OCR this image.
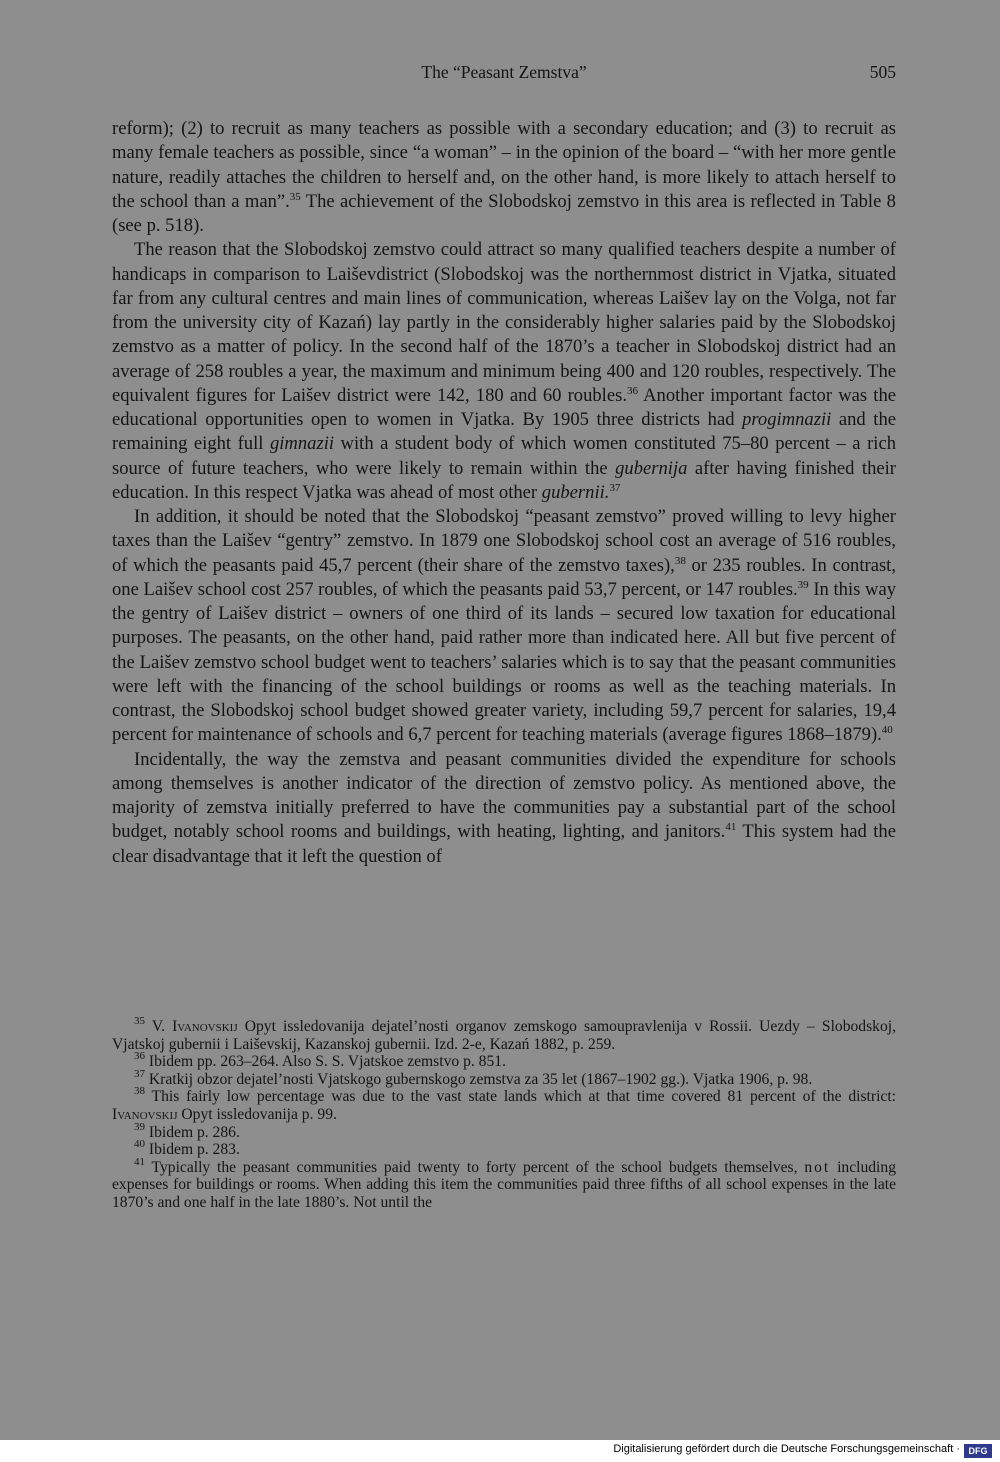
The “Peasant Zemstva”	505

reform); (2) to recruit as many teachers as possible with a secondary education; and (3) to recruit as many female teachers as possible, since “a woman” – in the opinion of the board – “with her more gentle nature, readily attaches the children to herself and, on the other hand, is more likely to attach herself to the school than a man”.$^{35}$ The achievement of the Slobodskoj zemstvo in this area is reflected in Table 8 (see p. 518).

The reason that the Slobodskoj zemstvo could attract so many qualified teachers despite a number of handicaps in comparison to Laiševdistrict (Slobodskoj was the northernmost district in Vjatka, situated far from any cultural centres and main lines of communication, whereas Laišev lay on the Volga, not far from the university city of Kazań) lay partly in the considerably higher salaries paid by the Slobodskoj zemstvo as a matter of policy. In the second half of the 1870’s a teacher in Slobodskoj district had an average of 258 roubles a year, the maximum and minimum being 400 and 120 roubles, respectively. The equivalent figures for Laišev district were 142, 180 and 60 roubles.$^{36}$ Another important factor was the educational opportunities open to women in Vjatka. By 1905 three districts had progimnazii and the remaining eight full gimnazii with a student body of which women constituted 75–80 percent – a rich source of future teachers, who were likely to remain within the gubernija after having finished their education. In this respect Vjatka was ahead of most other gubernii.$^{37}$

In addition, it should be noted that the Slobodskoj “peasant zemstvo” proved willing to levy higher taxes than the Laišev “gentry” zemstvo. In 1879 one Slobodskoj school cost an average of 516 roubles, of which the peasants paid 45,7 percent (their share of the zemstvo taxes),$^{38}$ or 235 roubles. In contrast, one Laišev school cost 257 roubles, of which the peasants paid 53,7 percent, or 147 roubles.$^{39}$ In this way the gentry of Laišev district – owners of one third of its lands – secured low taxation for educational purposes. The peasants, on the other hand, paid rather more than indicated here. All but five percent of the Laišev zemstvo school budget went to teachers’ salaries which is to say that the peasant communities were left with the financing of the school buildings or rooms as well as the teaching materials. In contrast, the Slobodskoj school budget showed greater variety, including 59,7 percent for salaries, 19,4 percent for maintenance of schools and 6,7 percent for teaching materials (average figures 1868–1879).$^{40}$

Incidentally, the way the zemstva and peasant communities divided the expenditure for schools among themselves is another indicator of the direction of zemstvo policy. As mentioned above, the majority of zemstva initially preferred to have the communities pay a substantial part of the school budget, notably school rooms and buildings, with heating, lighting, and janitors.$^{41}$ This system had the clear disadvantage that it left the question of

$^{35}$ V. Ivanovskij Opyt issledovanija dejatel’nosti organov zemskogo samoupravlenija v Rossii. Uezdy – Slobodskoj, Vjatskoj gubernii i Laiševskij, Kazanskoj gubernii. Izd. 2-e, Kazań 1882, p. 259.

$^{36}$ Ibidem pp. 263–264. Also S. S. Vjatskoe zemstvo p. 851.

$^{37}$ Kratkij obzor dejatel’nosti Vjatskogo gubernskogo zemstva za 35 let (1867–1902 gg.). Vjatka 1906, p. 98.

$^{38}$ This fairly low percentage was due to the vast state lands which at that time covered 81 percent of the district: Ivanovskij Opyt issledovanija p. 99.

$^{39}$ Ibidem p. 286.

$^{40}$ Ibidem p. 283.

$^{41}$ Typically the peasant communities paid twenty to forty percent of the school budgets themselves, not including expenses for buildings or rooms. When adding this item the communities paid three fifths of all school expenses in the late 1870’s and one half in the late 1880’s. Not until the

Digitalisierung gefördert durch die Deutsche Forschungsgemeinschaft · DFG
